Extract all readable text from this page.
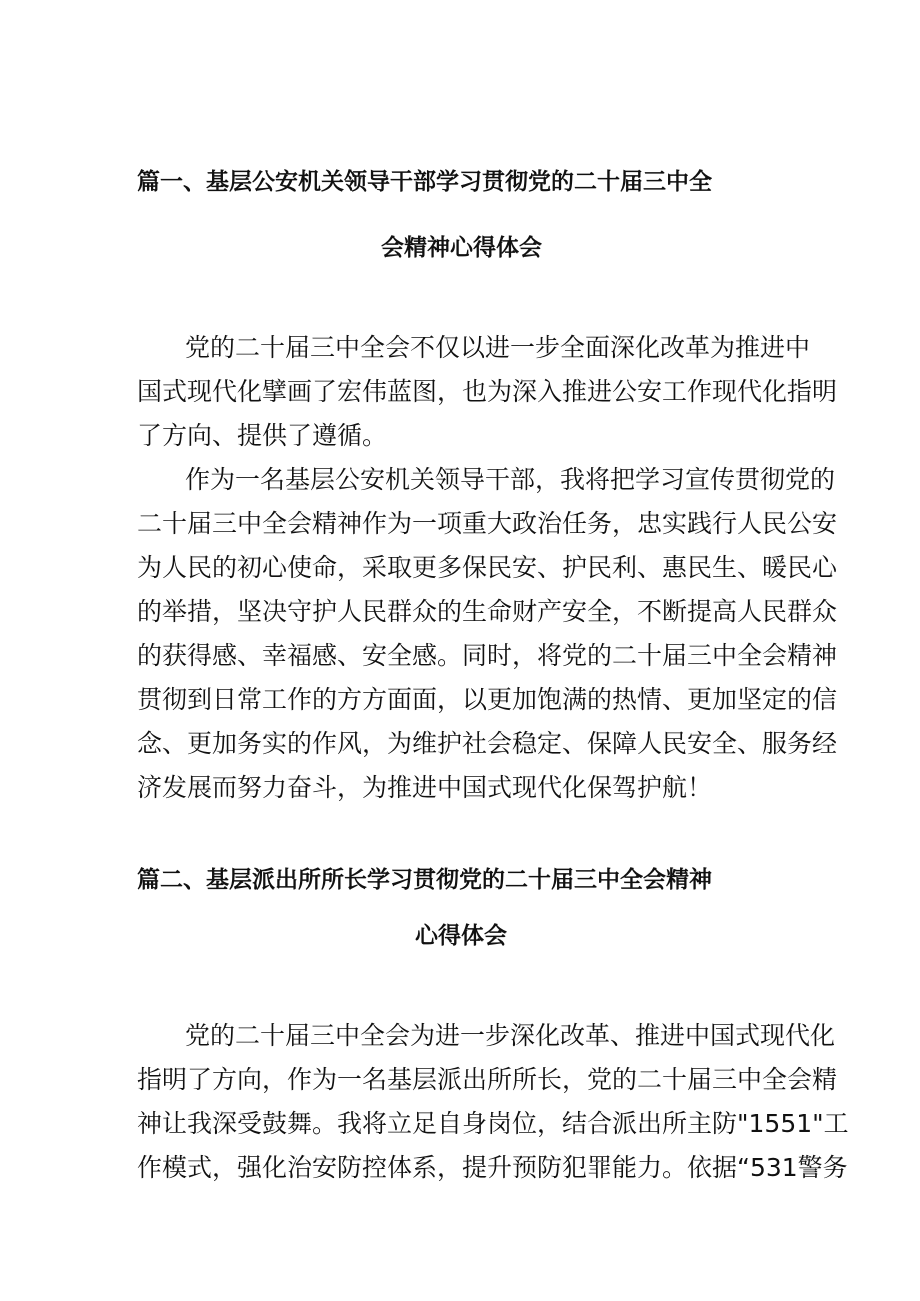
篇一、基层公安机关领导干部学习贯彻党的二十届三中全
会精神心得体会
党的二十届三中全会不仅以进一步全面深化改革为推进中
国式现代化擘画了宏伟蓝图，也为深入推进公安工作现代化指明
了方向、提供了遵循。
作为一名基层公安机关领导干部，我将把学习宣传贯彻党的
二十届三中全会精神作为一项重大政治任务，忠实践行人民公安
为人民的初心使命，采取更多保民安、护民利、惠民生、暖民心
的举措，坚决守护人民群众的生命财产安全，不断提高人民群众
的获得感、幸福感、安全感。同时，将党的二十届三中全会精神
贯彻到日常工作的方方面面，以更加饱满的热情、更加坚定的信
念、更加务实的作风，为维护社会稳定、保障人民安全、服务经
济发展而努力奋斗，为推进中国式现代化保驾护航！
篇二、基层派出所所长学习贯彻党的二十届三中全会精神
心得体会
党的二十届三中全会为进一步深化改革、推进中国式现代化
指明了方向，作为一名基层派出所所长，党的二十届三中全会精
神让我深受鼓舞。我将立足自身岗位，结合派出所主防"1551"工
作模式，强化治安防控体系，提升预防犯罪能力。依据“531警务
